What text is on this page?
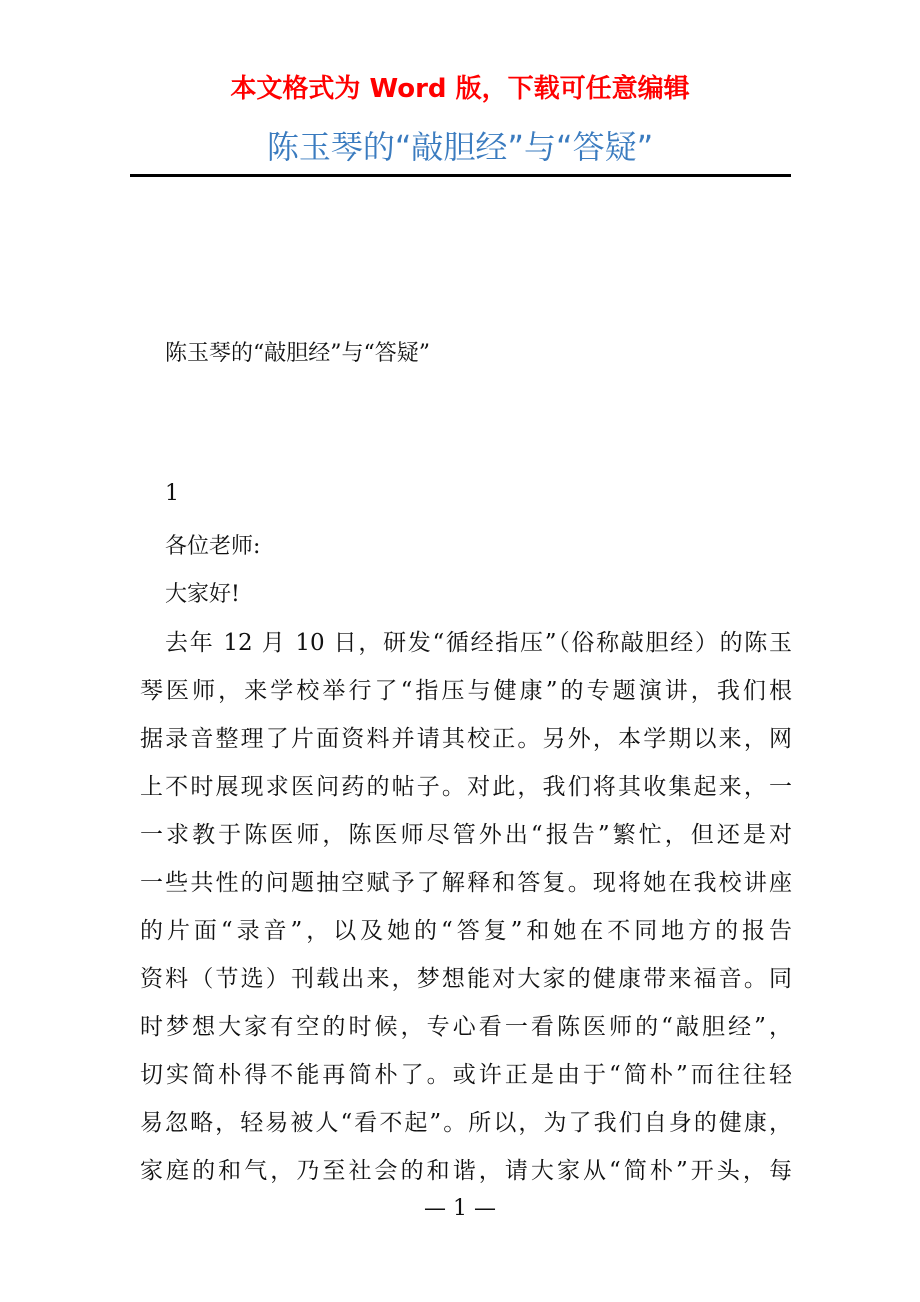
本文格式为 Word 版，下载可任意编辑
陈玉琴的“敲胆经”与“答疑”
陈玉琴的“敲胆经”与“答疑”
1
各位老师:
大家好!
去年 12 月 10 日，研发“循经指压”（俗称敲胆经）的陈玉
琴医师，来学校举行了“指压与健康”的专题演讲，我们根
据录音整理了片面资料并请其校正。另外，本学期以来，网
上不时展现求医问药的帖子。对此，我们将其收集起来，一
一求教于陈医师，陈医师尽管外出“报告”繁忙，但还是对
一些共性的问题抽空赋予了解释和答复。现将她在我校讲座
的片面“录音”，以及她的“答复”和她在不同地方的报告
资料（节选）刊载出来，梦想能对大家的健康带来福音。同
时梦想大家有空的时候，专心看一看陈医师的“敲胆经”，
切实简朴得不能再简朴了。或许正是由于“简朴”而往往轻
易忽略，轻易被人“看不起”。所以，为了我们自身的健康，
家庭的和气，乃至社会的和谐，请大家从“简朴”开头，每
— 1 —
